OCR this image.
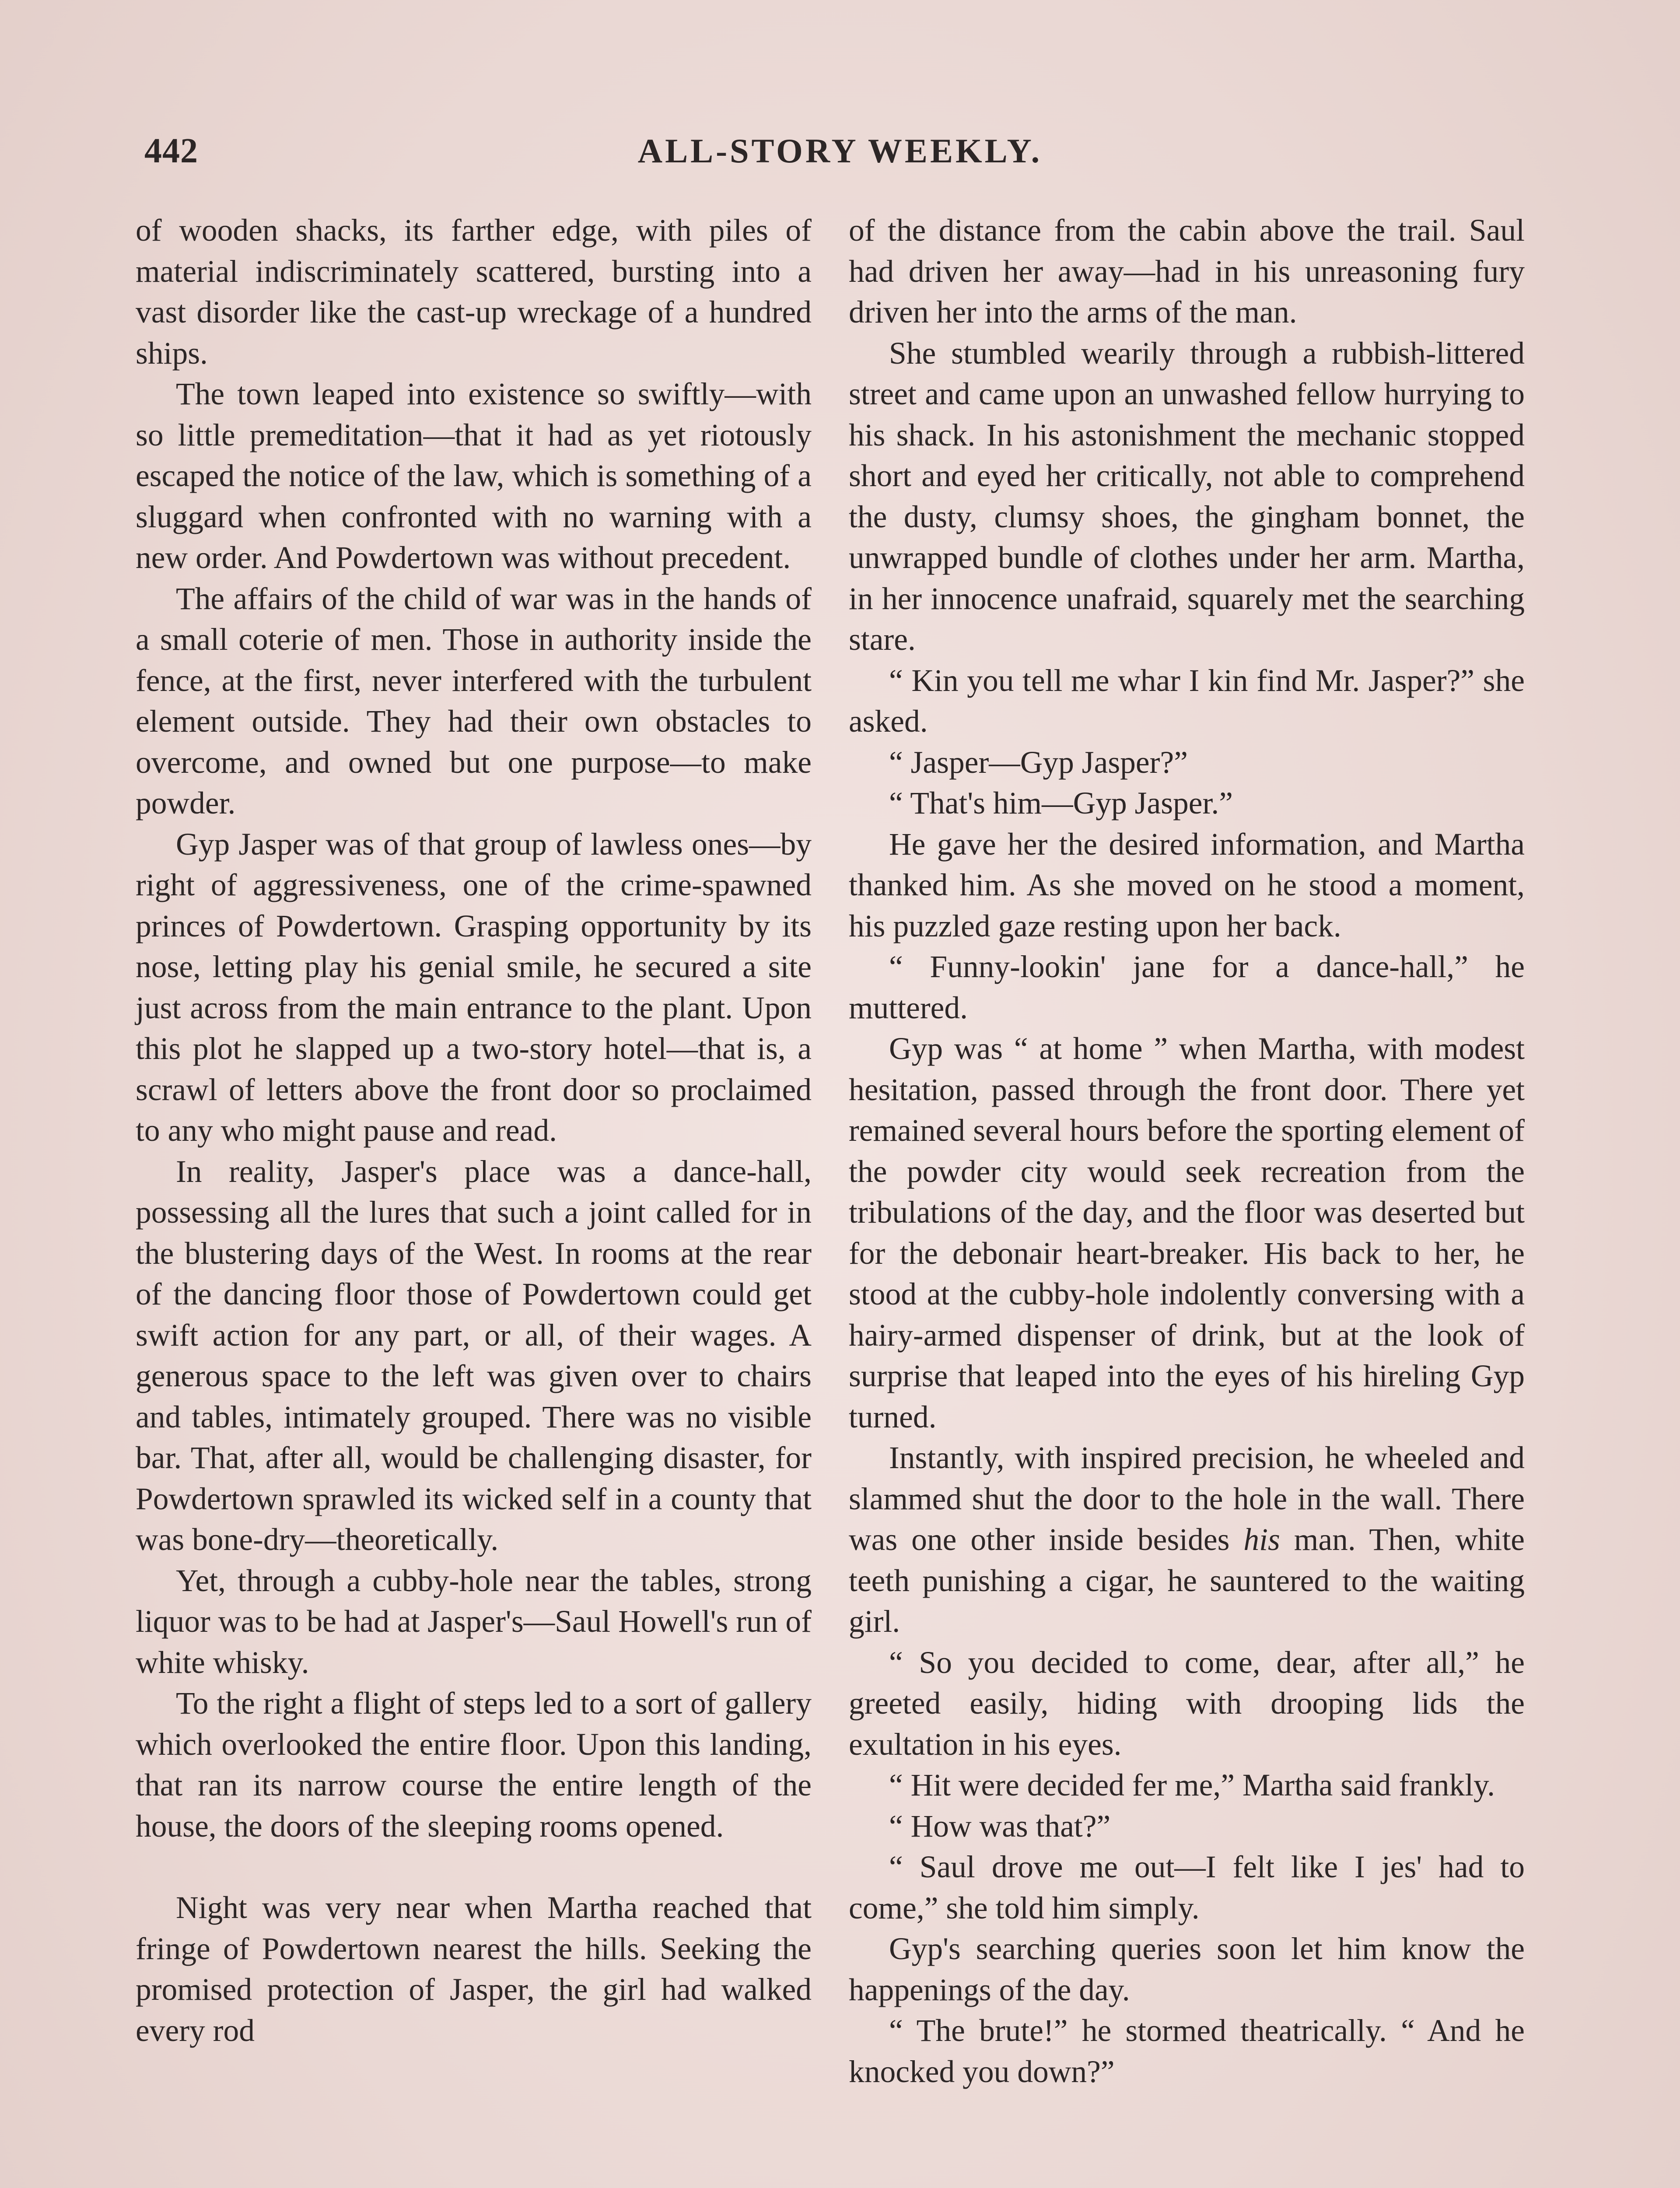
442	ALL-STORY WEEKLY.

of wooden shacks, its farther edge, with piles of material indiscriminately scattered, bursting into a vast disorder like the cast-up wreckage of a hundred ships.

The town leaped into existence so swiftly—with so little premeditation—that it had as yet riotously escaped the notice of the law, which is something of a sluggard when confronted with no warning with a new order. And Powdertown was without precedent.

The affairs of the child of war was in the hands of a small coterie of men. Those in authority inside the fence, at the first, never interfered with the turbulent element outside. They had their own obstacles to overcome, and owned but one purpose—to make powder.

Gyp Jasper was of that group of lawless ones—by right of aggressiveness, one of the crime-spawned princes of Powdertown. Grasping opportunity by its nose, letting play his genial smile, he secured a site just across from the main entrance to the plant. Upon this plot he slapped up a two-story hotel—that is, a scrawl of letters above the front door so proclaimed to any who might pause and read.

In reality, Jasper's place was a dance-hall, possessing all the lures that such a joint called for in the blustering days of the West. In rooms at the rear of the dancing floor those of Powdertown could get swift action for any part, or all, of their wages. A generous space to the left was given over to chairs and tables, intimately grouped. There was no visible bar. That, after all, would be challenging disaster, for Powdertown sprawled its wicked self in a county that was bone-dry—theoretically.

Yet, through a cubby-hole near the tables, strong liquor was to be had at Jasper's—Saul Howell's run of white whisky.

To the right a flight of steps led to a sort of gallery which overlooked the entire floor. Upon this landing, that ran its narrow course the entire length of the house, the doors of the sleeping rooms opened.

Night was very near when Martha reached that fringe of Powdertown nearest the hills. Seeking the promised protection of Jasper, the girl had walked every rod

of the distance from the cabin above the trail. Saul had driven her away—had in his unreasoning fury driven her into the arms of the man.

She stumbled wearily through a rubbish-littered street and came upon an unwashed fellow hurrying to his shack. In his astonishment the mechanic stopped short and eyed her critically, not able to comprehend the dusty, clumsy shoes, the gingham bonnet, the unwrapped bundle of clothes under her arm. Martha, in her innocence unafraid, squarely met the searching stare.

“ Kin you tell me whar I kin find Mr. Jasper?” she asked.

“ Jasper—Gyp Jasper?”

“ That's him—Gyp Jasper.”

He gave her the desired information, and Martha thanked him. As she moved on he stood a moment, his puzzled gaze resting upon her back.

“ Funny-lookin' jane for a dance-hall,” he muttered.

Gyp was “ at home ” when Martha, with modest hesitation, passed through the front door. There yet remained several hours before the sporting element of the powder city would seek recreation from the tribulations of the day, and the floor was deserted but for the debonair heart-breaker. His back to her, he stood at the cubby-hole indolently conversing with a hairy-armed dispenser of drink, but at the look of surprise that leaped into the eyes of his hireling Gyp turned.

Instantly, with inspired precision, he wheeled and slammed shut the door to the hole in the wall. There was one other inside besides his man. Then, white teeth punishing a cigar, he sauntered to the waiting girl.

“ So you decided to come, dear, after all,” he greeted easily, hiding with drooping lids the exultation in his eyes.

“ Hit were decided fer me,” Martha said frankly.

“ How was that?”

“ Saul drove me out—I felt like I jes' had to come,” she told him simply.

Gyp's searching queries soon let him know the happenings of the day.

“ The brute!” he stormed theatrically. “ And he knocked you down?”
